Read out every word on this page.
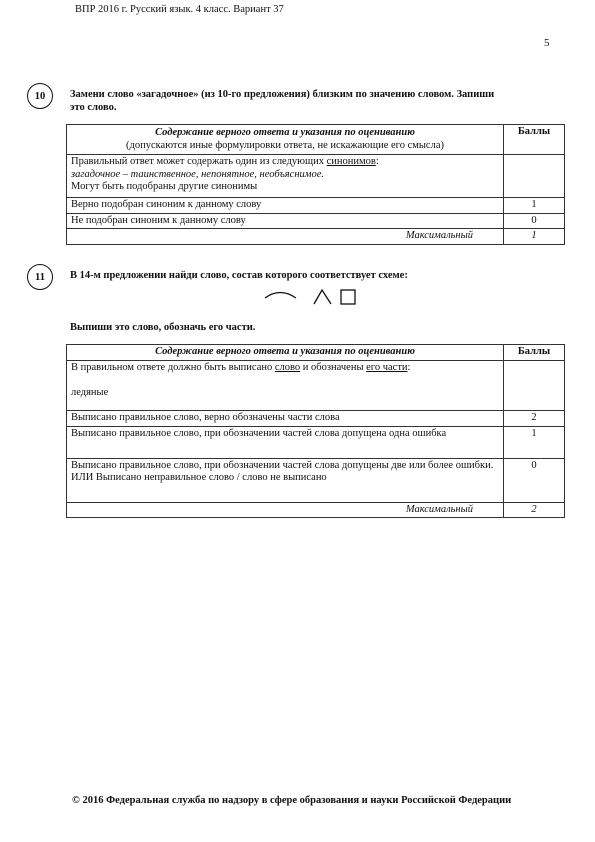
ВПР 2016 г. Русский язык. 4 класс. Вариант 37
5
10	Замени слово «загадочное» (из 10-го предложения) близким по значению словом. Запиши
это слово.
Содержание верного ответа и указания по оцениванию
(допускаются иные формулировки ответа, не искажающие его смысла)	Баллы
Правильный ответ может содержать один из следующих синонимов:
загадочное – таинственное, непонятное, необъяснимое.
Могут быть подобраны другие синонимы	
Верно подобран синоним к данному слову	1
Не подобран синоним к данному слову	0
Максимальный	1
11	В 14-м предложении найди слово, состав которого соответствует схеме:
Выпиши это слово, обозначь его части.
Содержание верного ответа и указания по оцениванию	Баллы
В правильном ответе должно быть выписано слово и обозначены его части:
ледяные	

Выписано правильное слово, верно обозначены части слова	2
Выписано правильное слово, при обозначении частей слова допущена одна ошибка	1
Выписано правильное слово, при обозначении частей слова допущены две или более ошибки.
ИЛИ Выписано неправильное слово / слово не выписано	0
Максимальный	2
© 2016 Федеральная служба по надзору в сфере образования и науки Российской Федерации
